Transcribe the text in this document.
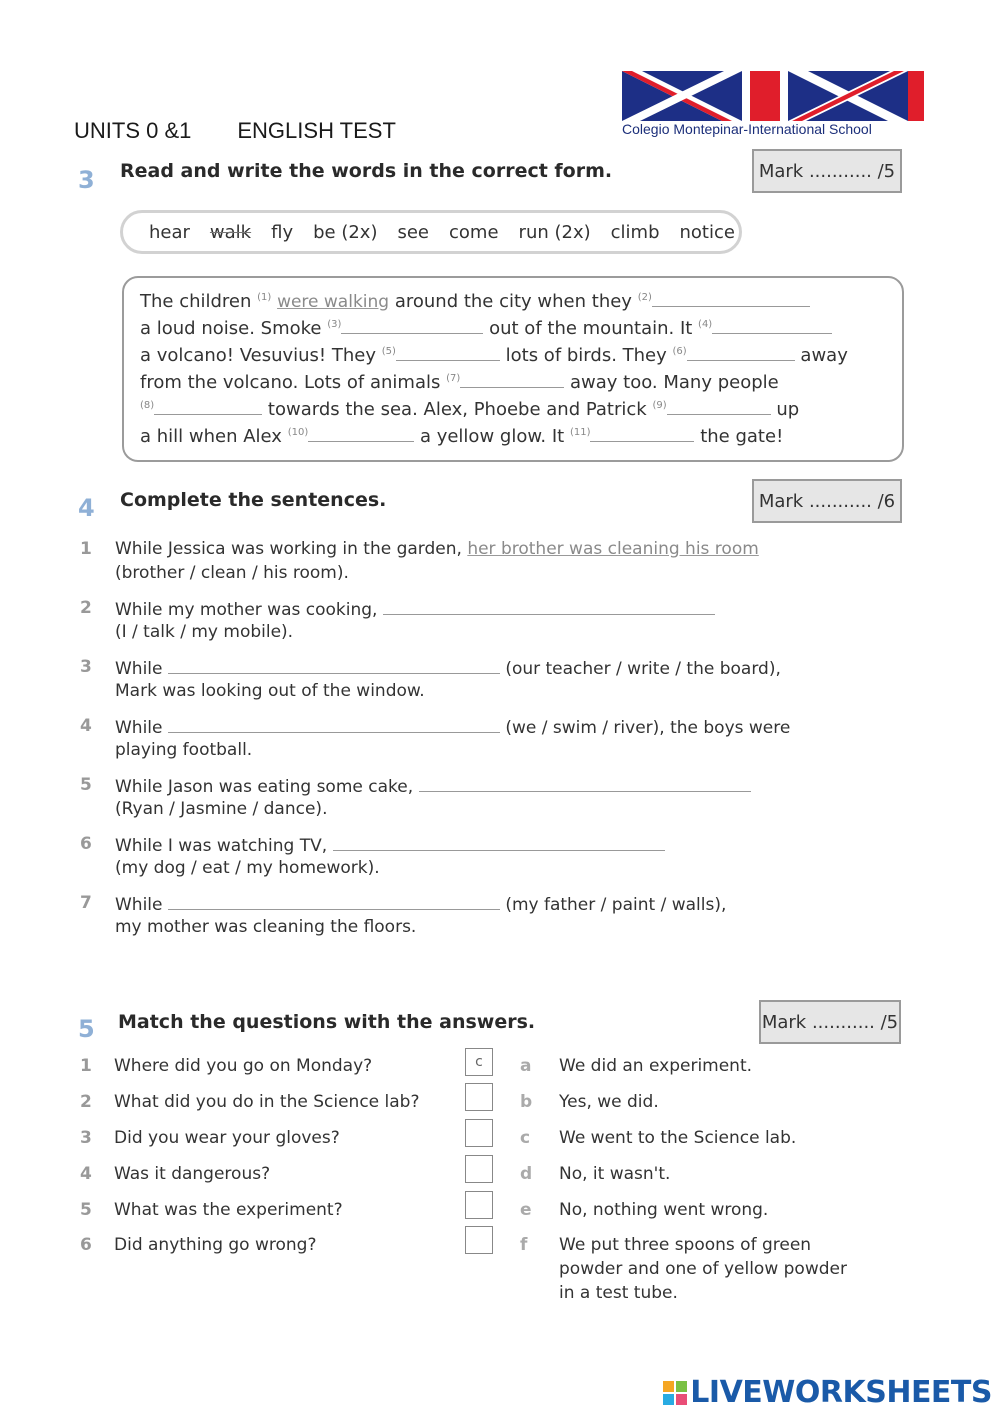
UNITS 0 &1 ENGLISH TEST	Colegio Montepinar-International School
3 Read and write the words in the correct form.	Mark ........... /5
hear walk fly be (2x) see come run (2x) climb notice
The children $^{(1)}$ were walking around the city when they $^{(2)}$
a loud noise. Smoke $^{(3)}$	out of the mountain. It $^{(4)}$
a volcano! Vesuvius! They $^{(5)}$	lots of birds. They $^{(6)}$	away
from the volcano. Lots of animals $^{(7)}$	away too. Many people
$^{(8)}$	towards the sea. Alex, Phoebe and Patrick $^{(9)}$	up
a hill when Alex $^{(10)}$	a yellow glow. It $^{(11)}$	the gate!
4 Complete the sentences.	Mark ........... /6
1 While Jessica was working in the garden, her brother was cleaning his room
(brother / clean / his room).
2 While my mother was cooking,
(I / talk / my mobile).
3 While	(our teacher / write / the board),
Mark was looking out of the window.
4 While	(we / swim / river), the boys were
playing football.
5 While Jason was eating some cake,
(Ryan / Jasmine / dance).
6 While I was watching TV,
(my dog / eat / my homework).
7 While	(my father / paint / walls),
my mother was cleaning the floors.
5 Match the questions with the answers.	Mark ........... /5
1 Where did you go on Monday?	c
2 What did you do in the Science lab?
3 Did you wear your gloves?
4 Was it dangerous?
5 What was the experiment?
6 Did anything go wrong?
a We did an experiment.
b Yes, we did.
c We went to the Science lab.
d No, it wasn't.
e No, nothing went wrong.
f We put three spoons of green
powder and one of yellow powder
in a test tube.
LIVEWORKSHEETS
